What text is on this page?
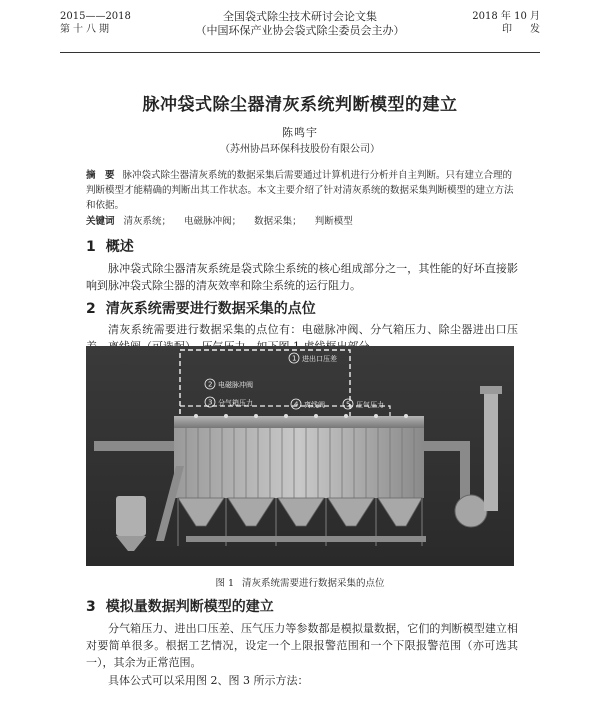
2015——2018
第十八期
全国袋式除尘技术研讨会论文集
（中国环保产业协会袋式除尘委员会主办）
2018 年 10 月
印发
脉冲袋式除尘器清灰系统判断模型的建立
陈鸣宇
（苏州协昌环保科技股份有限公司）
摘　要 脉冲袋式除尘器清灰系统的数据采集后需要通过计算机进行分析并自主判断。只有建立合理的判断模型才能精确的判断出其工作状态。本文主要介绍了针对清灰系统的数据采集判断模型的建立方法和依据。
关键词 清灰系统； 电磁脉冲阀； 数据采集； 判断模型
1 概述
脉冲袋式除尘器清灰系统是袋式除尘系统的核心组成部分之一，其性能的好坏直接影响到脉冲袋式除尘器的清灰效率和除尘系统的运行阻力。
2 清灰系统需要进行数据采集的点位
清灰系统需要进行数据采集的点位有：电磁脉冲阀、分气箱压力、除尘器进出口压
1 进出口压差
2 电磁脉冲阀
3 分气箱压力	4 离线阀	5 压气压力
图 1 清灰系统需要进行数据采集的点位
3 模拟量数据判断模型的建立
分气箱压力、进出口压差、压气压力等参数都是模拟量数据，它们的判断模型建立相对要简单很多。根据工艺情况，设定一个上限报警范围和一个下限报警范围（亦可选其一），其余为正常范围。
具体公式可以采用图 2、图 3 所示方法：
